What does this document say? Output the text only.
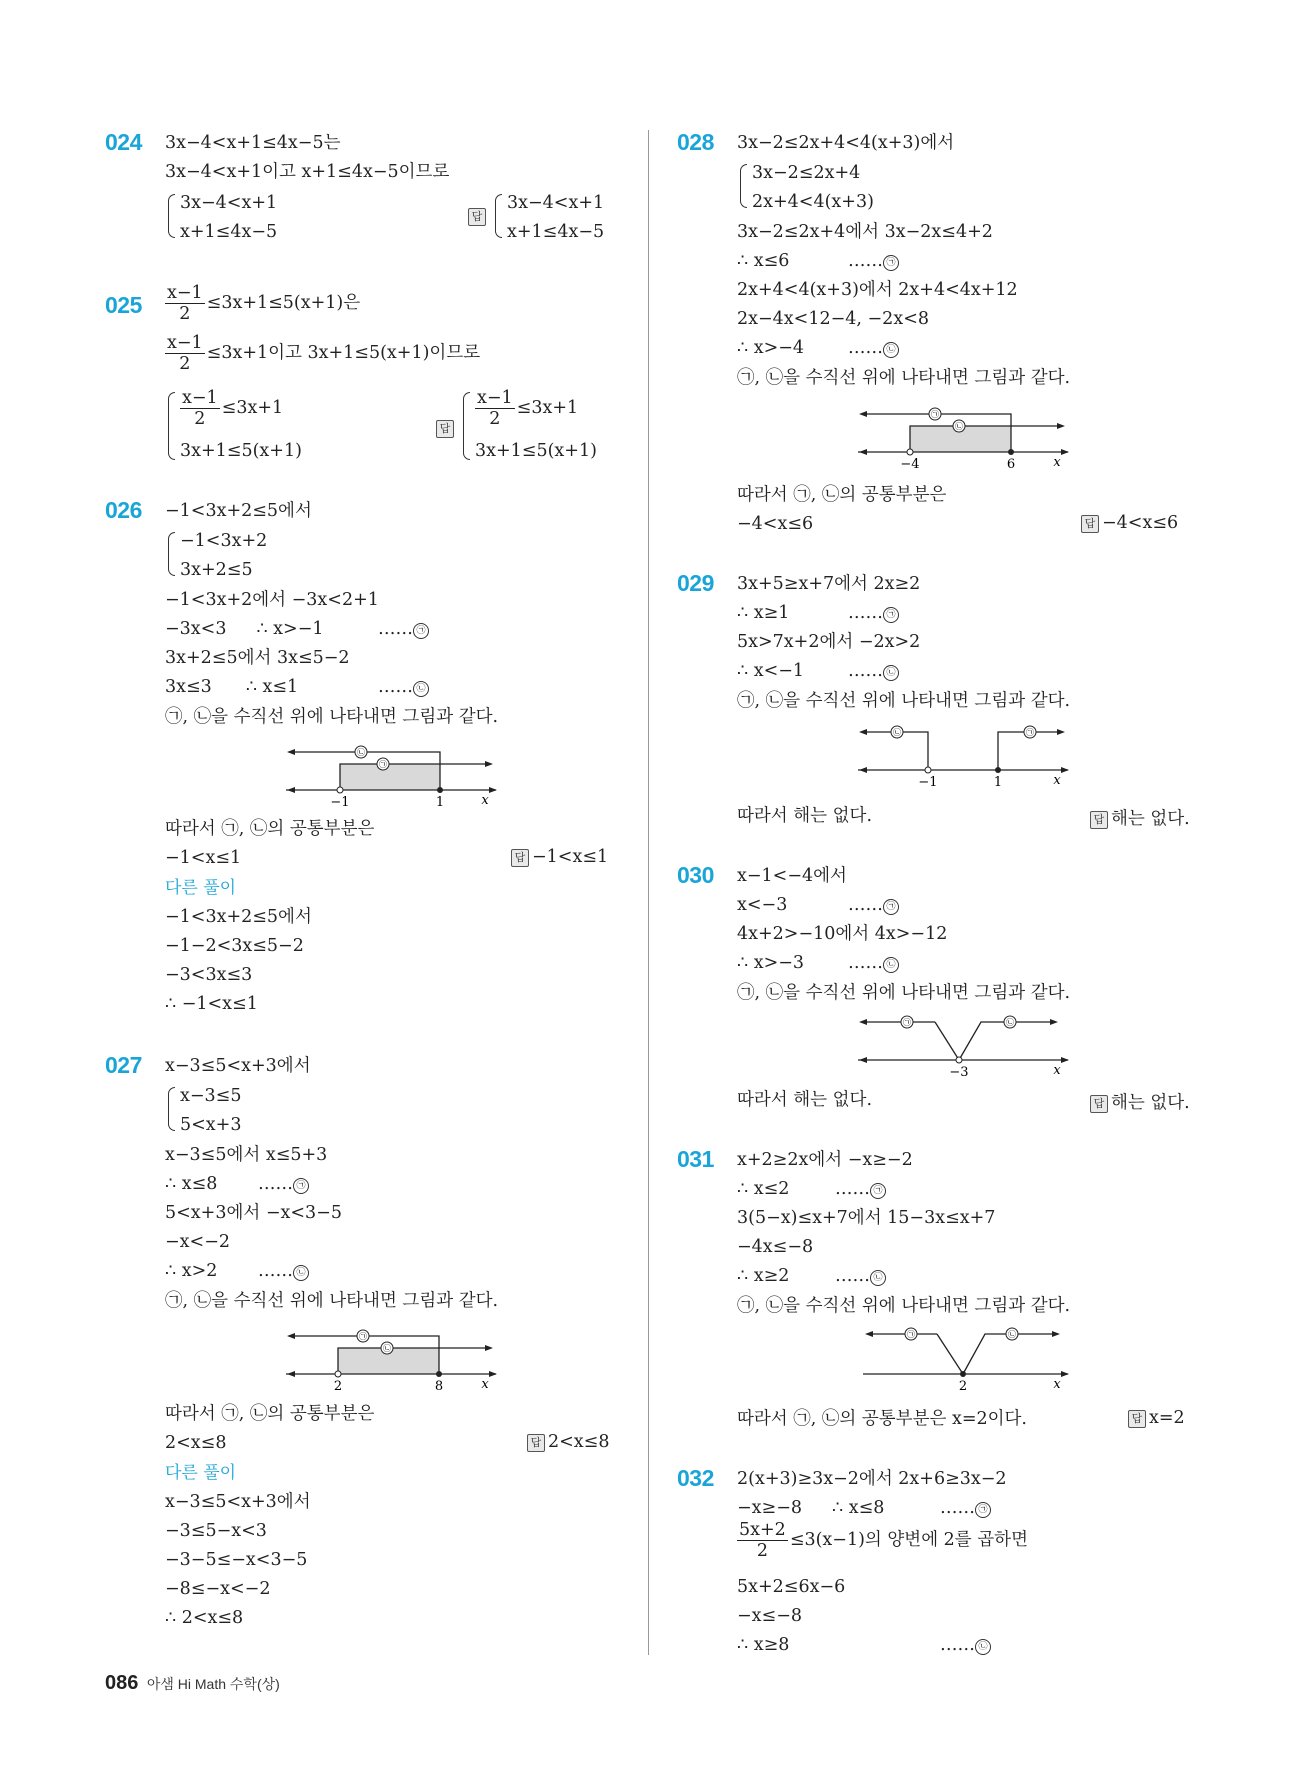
024 3x−4<x+1≤4x−5는
3x−4<x+1이고 x+1≤4x−5이므로
3x−4<x+1
x+1≤4x−5
답
3x−4<x+1
x+1≤4x−5
$025 \frac{x-1}{2} \le 3x+1\le 5(x+1)$은
$\frac{x-1}{2} \le 3x+1$이고 3x+1≤5(x+1)이므로
$\frac{x-1}{2} \le 3x+1$
3x+1≤5(x+1)
답	$\frac{x-1}{2} \le 3x+1$
3x+1≤5(x+1)
026 −1<3x+2≤5에서
−1<3x+2
3x+2≤5
−1<3x+2에서 −3x<2+1
−3x<3 ∴ x>−1	…… ㉠
3x+2≤5에서 3x≤5−2
3x≤3 ∴ x≤1	…… ㉡
㉠, ㉡을 수직선 위에 나타내면 그림과 같다.
㉡
㉠
−1	1	x
따라서 ㉠, ㉡의 공통부분은
−1<x≤1	답 −1<x≤1
다른 풀이
−1<3x+2≤5에서
−1−2<3x≤5−2
−3<3x≤3
∴ −1<x≤1
027 x−3≤5<x+3에서
x−3≤5
5<x+3
x−3≤5에서 x≤5+3
∴ x≤8 …… ㉠
5<x+3에서 −x<3−5
−x<−2
∴ x>2 …… ㉡
㉠, ㉡을 수직선 위에 나타내면 그림과 같다.
㉠
㉡
2	8	x
따라서 ㉠, ㉡의 공통부분은
2<x≤8	답 2<x≤8
다른 풀이
x−3≤5<x+3에서
−3≤5−x<3
−3−5≤−x<3−5
−8≤−x<−2
∴ 2<x≤8
028 3x−2≤2x+4<4(x+3)에서
3x−2≤2x+4
2x+4<4(x+3)
3x−2≤2x+4에서 3x−2x≤4+2
∴ x≤6	…… ㉠
2x+4<4(x+3)에서 2x+4<4x+12
2x−4x<12−4, −2x<8
∴ x>−4	…… ㉡
㉠, ㉡을 수직선 위에 나타내면 그림과 같다.
㉠
㉡
−4	6	x
따라서 ㉠, ㉡의 공통부분은
−4<x≤6	답 −4<x≤6
029 3x+5≥x+7에서 2x≥2
∴ x≥1	…… ㉠
5x>7x+2에서 −2x>2
∴ x<−1	…… ㉡
㉠, ㉡을 수직선 위에 나타내면 그림과 같다.
㉡	㉠
−1	1	x
따라서 해는 없다.	답 해는 없다.
030 x−1<−4에서
x<−3	…… ㉠
4x+2>−10에서 4x>−12
∴ x>−3	…… ㉡
㉠, ㉡을 수직선 위에 나타내면 그림과 같다.
㉠	㉡
−3	x
따라서 해는 없다.	답 해는 없다.
031 x+2≥2x에서 −x≥−2
∴ x≤2	…… ㉠
3(5−x)≤x+7에서 15−3x≤x+7
−4x≤−8
∴ x≥2	…… ㉡
㉠, ㉡을 수직선 위에 나타내면 그림과 같다.
㉠	㉡
2	x
따라서 ㉠, ㉡의 공통부분은 x=2이다.	답 x=2
032 2(x+3)≥3x−2에서 2x+6≥3x−2
−x≥−8 ∴ x≤8	…… ㉠
$\frac{5x+2}{2} \le 3(x-1)$의 양변에 2를 곱하면
5x+2≤6x−6
−x≤−8
∴ x≥8	…… ㉡
086 아샘 Hi Math 수학(상)
